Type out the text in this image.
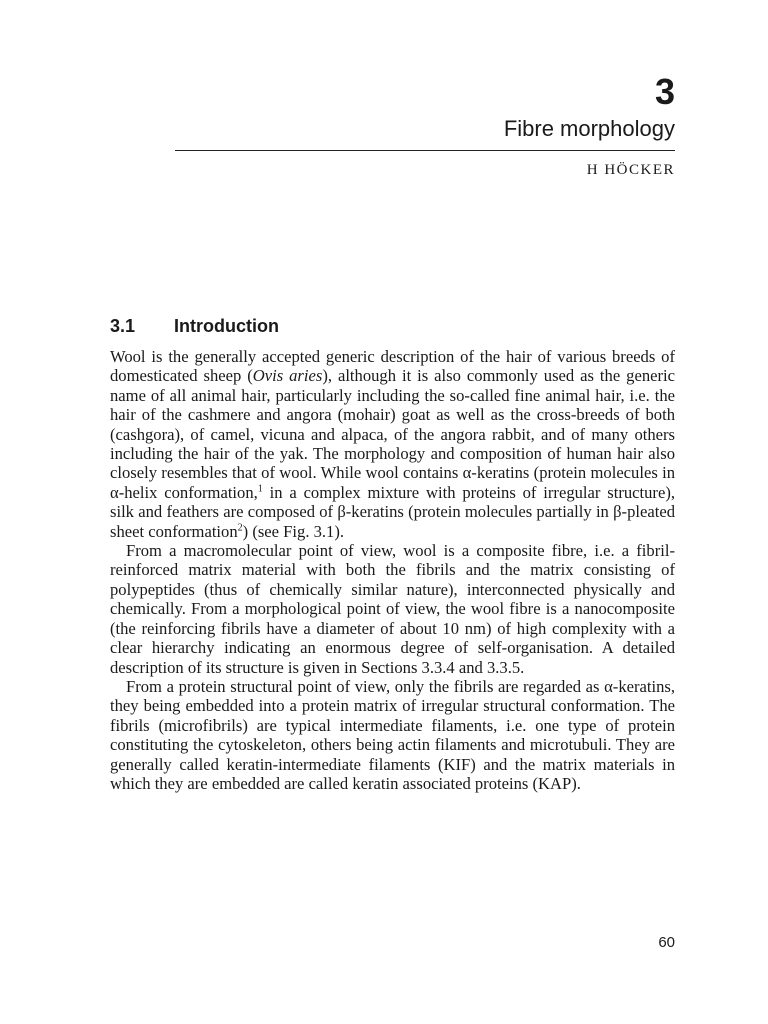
3
Fibre morphology

H HÖCKER

3.1 Introduction

Wool is the generally accepted generic description of the hair of various breeds of domesticated sheep (Ovis aries), although it is also commonly used as the generic name of all animal hair, particularly including the so-called fine animal hair, i.e. the hair of the cashmere and angora (mohair) goat as well as the cross-breeds of both (cashgora), of camel, vicuna and alpaca, of the angora rabbit, and of many others including the hair of the yak. The morphology and composition of human hair also closely resembles that of wool. While wool contains α-keratins (protein molecules in α-helix conformation,$^1$ in a complex mixture with proteins of irregular structure), silk and feathers are composed of β-keratins (protein molecules partially in β-pleated sheet conformation$^2$) (see Fig. 3.1).

From a macromolecular point of view, wool is a composite fibre, i.e. a fibril-reinforced matrix material with both the fibrils and the matrix consisting of polypeptides (thus of chemically similar nature), interconnected physically and chemically. From a morphological point of view, the wool fibre is a nanocomposite (the reinforcing fibrils have a diameter of about 10 nm) of high complexity with a clear hierarchy indicating an enormous degree of self-organisation. A detailed description of its structure is given in Sections 3.3.4 and 3.3.5.

From a protein structural point of view, only the fibrils are regarded as α-keratins, they being embedded into a protein matrix of irregular structural conformation. The fibrils (microfibrils) are typical intermediate filaments, i.e. one type of protein constituting the cytoskeleton, others being actin filaments and microtubuli. They are generally called keratin-intermediate filaments (KIF) and the matrix materials in which they are embedded are called keratin associated proteins (KAP).

60
